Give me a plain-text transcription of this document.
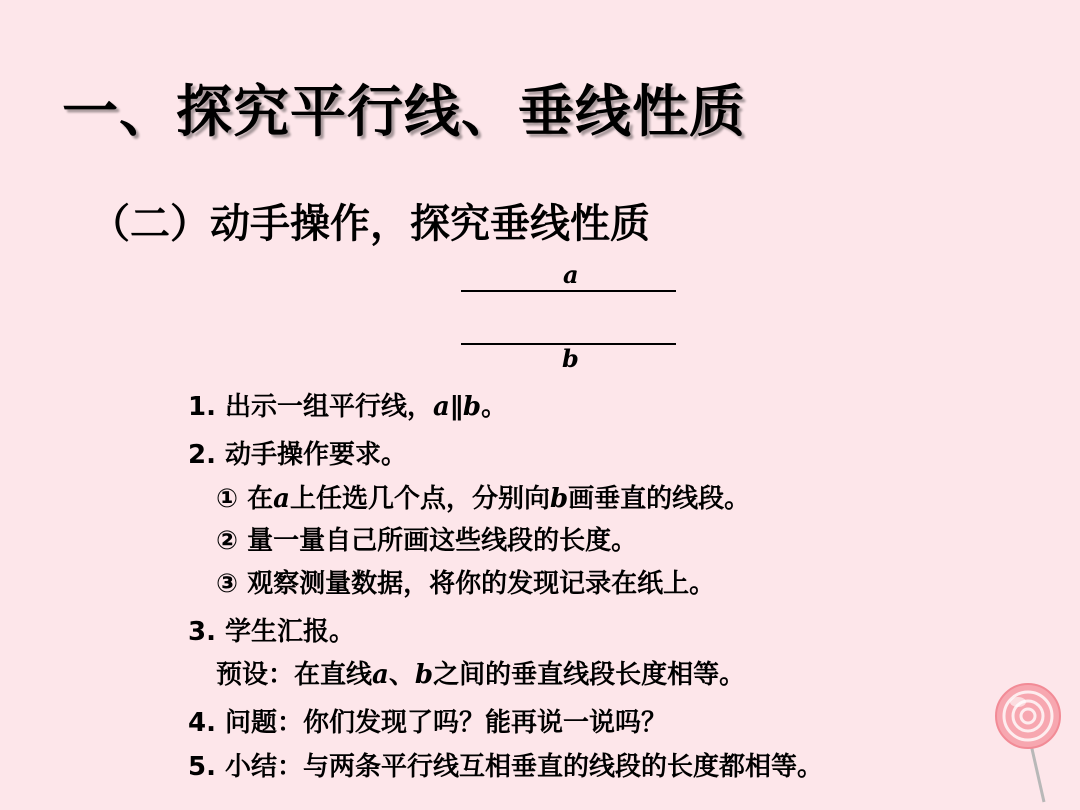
一、探究平行线、垂线性质
（二）动手操作，探究垂线性质
a
b
1. 出示一组平行线，a∥b。
2. 动手操作要求。
① 在a上任选几个点，分别向b画垂直的线段。
② 量一量自己所画这些线段的长度。
③ 观察测量数据，将你的发现记录在纸上。
3. 学生汇报。
预设：在直线a、b之间的垂直线段长度相等。
4. 问题：你们发现了吗？能再说一说吗？
5. 小结：与两条平行线互相垂直的线段的长度都相等。
